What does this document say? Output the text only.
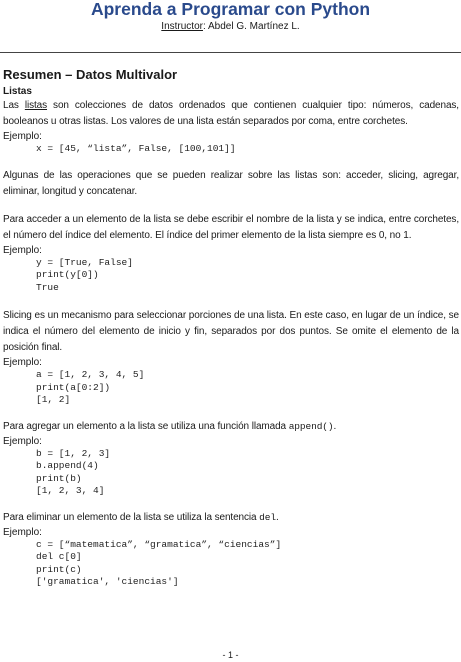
Aprenda a Programar con Python
Instructor: Abdel G. Martínez L.
Resumen – Datos Multivalor
Listas

Las listas son colecciones de datos ordenados que contienen cualquier tipo: números, cadenas, booleanos u otras listas. Los valores de una lista están separados por coma, entre corchetes.

Ejemplo:
x = [45, “lista”, False, [100,101]]

Algunas de las operaciones que se pueden realizar sobre las listas son: acceder, slicing, agregar, eliminar, longitud y concatenar.

Para acceder a un elemento de la lista se debe escribir el nombre de la lista y se indica, entre corchetes, el número del índice del elemento. El índice del primer elemento de la lista siempre es 0, no 1.

Ejemplo:
y = [True, False]
print(y[0])
True

Slicing es un mecanismo para seleccionar porciones de una lista. En este caso, en lugar de un índice, se indica el número del elemento de inicio y fin, separados por dos puntos. Se omite el elemento de la posición final.

Ejemplo:
a = [1, 2, 3, 4, 5]
print(a[0:2])
[1, 2]

Para agregar un elemento a la lista se utiliza una función llamada append().

Ejemplo:
b = [1, 2, 3]
b.append(4)
print(b)
[1, 2, 3, 4]

Para eliminar un elemento de la lista se utiliza la sentencia del.

Ejemplo:
c = [“matematica”, “gramatica”, “ciencias”]
del c[0]
print(c)
['gramatica', 'ciencias']
- 1 -
